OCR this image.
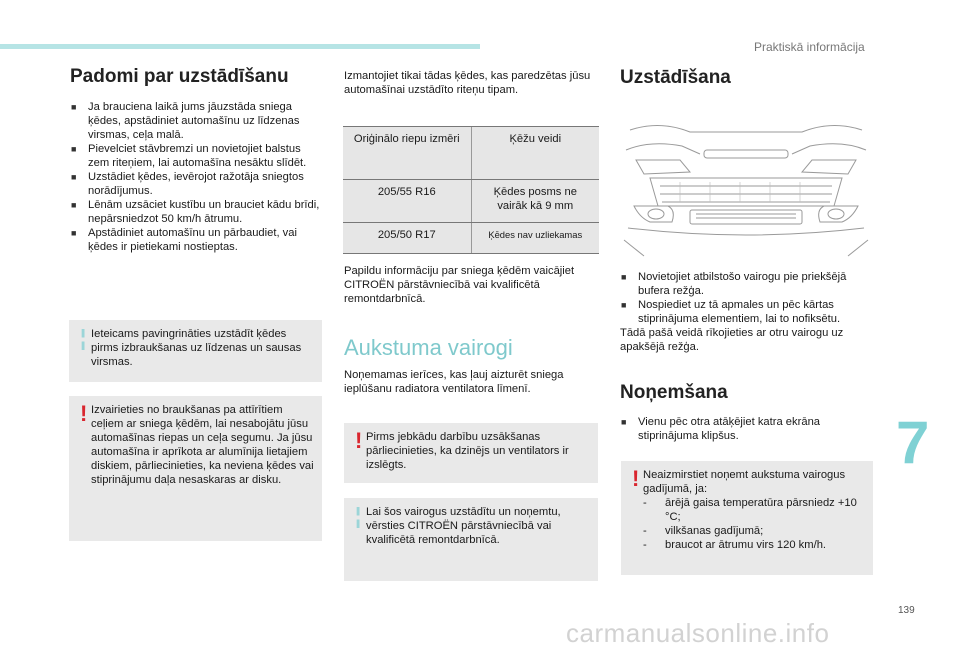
Praktiskā informācija
7
139
carmanualsonline.info
Padomi par uzstādīšanu
■ Ja brauciena laikā jums jāuzstāda sniega ķēdes, apstādiniet automašīnu uz līdzenas virsmas, ceļa malā.
■ Pievelciet stāvbremzi un novietojiet balstus zem riteņiem, lai automašīna nesāktu slīdēt.
■ Uzstādiet ķēdes, ievērojot ražotāja sniegtos norādījumus.
■ Lēnām uzsāciet kustību un brauciet kādu brīdi, nepārsniedzot 50 km/h ātrumu.
■ Apstādiniet automašīnu un pārbaudiet, vai ķēdes ir pietiekami nostieptas.
¦ Ieteicams pavingrināties uzstādīt ķēdes pirms izbraukšanas uz līdzenas un sausas virsmas.
! Izvairieties no braukšanas pa attīrītiem ceļiem ar sniega ķēdēm, lai nesabojātu jūsu automašīnas riepas un ceļa segumu. Ja jūsu automašīna ir aprīkota ar alumīnija lietajiem diskiem, pārliecinieties, ka neviena ķēdes vai stiprinājumu daļa nesaskaras ar disku.
Izmantojiet tikai tādas ķēdes, kas paredzētas jūsu automašīnai uzstādīto riteņu tipam.
Oriģinālo riepu izmēri	Ķēžu veidi
205/55 R16	Ķēdes posms ne vairāk kā 9 mm
205/50 R17	Ķēdes nav uzliekamas
Papildu informāciju par sniega ķēdēm vaicājiet CITROËN pārstāvniecībā vai kvalificētā remontdarbnīcā.
Aukstuma vairogi
Noņemamas ierīces, kas ļauj aizturēt sniega ieplūšanu radiatora ventilatora līmenī.
! Pirms jebkādu darbību uzsākšanas pārliecinieties, ka dzinējs un ventilators ir izslēgts.
¦ Lai šos vairogus uzstādītu un noņemtu, vērsties CITROËN pārstāvniecībā vai kvalificētā remontdarbnīcā.
Uzstādīšana
■ Novietojiet atbilstošo vairogu pie priekšējā bufera režģa.
■ Nospiediet uz tā apmales un pēc kārtas stiprinājuma elementiem, lai to nofiksētu.
Tādā pašā veidā rīkojieties ar otru vairogu uz apakšējā režģa.
Noņemšana
■ Vienu pēc otra atāķējiet katra ekrāna stiprinājuma klipšus.
! Neaizmirstiet noņemt aukstuma vairogus gadījumā, ja:
- ārējā gaisa temperatūra pārsniedz +10 °C;
- vilkšanas gadījumā;
- braucot ar ātrumu virs 120 km/h.
